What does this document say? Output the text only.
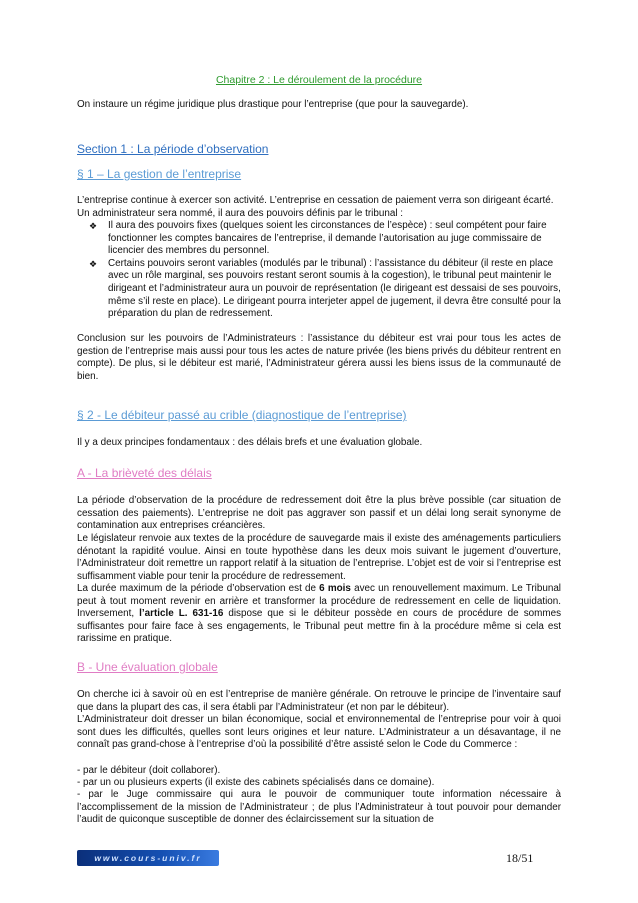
Chapitre 2 : Le déroulement de la procédure
On instaure un régime juridique plus drastique pour l’entreprise (que pour la sauvegarde).
Section 1 : La période d’observation
§ 1 – La gestion de l’entreprise
L’entreprise continue à exercer son activité. L’entreprise en cessation de paiement verra son dirigeant écarté. Un administrateur sera nommé, il aura des pouvoirs définis par le tribunal :
❖ Il aura des pouvoirs fixes (quelques soient les circonstances de l’espèce) : seul compétent pour faire fonctionner les comptes bancaires de l’entreprise, il demande l’autorisation au juge commissaire de licencier des membres du personnel.
❖ Certains pouvoirs seront variables (modulés par le tribunal) : l’assistance du débiteur (il reste en place avec un rôle marginal, ses pouvoirs restant seront soumis à la cogestion), le tribunal peut maintenir le dirigeant et l’administrateur aura un pouvoir de représentation (le dirigeant est dessaisi de ses pouvoirs, même s’il reste en place). Le dirigeant pourra interjeter appel de jugement, il devra être consulté pour la préparation du plan de redressement.
Conclusion sur les pouvoirs de l’Administrateurs : l’assistance du débiteur est vrai pour tous les actes de gestion de l’entreprise mais aussi pour tous les actes de nature privée (les biens privés du débiteur rentrent en compte). De plus, si le débiteur est marié, l’Administrateur gérera aussi les biens issus de la communauté de bien.
§ 2 - Le débiteur passé au crible (diagnostique de l’entreprise)
Il y a deux principes fondamentaux : des délais brefs et une évaluation globale.
A - La brièveté des délais
La période d’observation de la procédure de redressement doit être la plus brève possible (car situation de cessation des paiements). L’entreprise ne doit pas aggraver son passif et un délai long serait synonyme de contamination aux entreprises créancières.
Le législateur renvoie aux textes de la procédure de sauvegarde mais il existe des aménagements particuliers dénotant la rapidité voulue. Ainsi en toute hypothèse dans les deux mois suivant le jugement d’ouverture, l’Administrateur doit remettre un rapport relatif à la situation de l’entreprise. L’objet est de voir si l’entreprise est suffisamment viable pour tenir la procédure de redressement.
La durée maximum de la période d’observation est de 6 mois avec un renouvellement maximum. Le Tribunal peut à tout moment revenir en arrière et transformer la procédure de redressement en celle de liquidation. Inversement, l’article L. 631-16 dispose que si le débiteur possède en cours de procédure de sommes suffisantes pour faire face à ses engagements, le Tribunal peut mettre fin à la procédure même si cela est rarissime en pratique.
B - Une évaluation globale
On cherche ici à savoir où en est l’entreprise de manière générale. On retrouve le principe de l’inventaire sauf que dans la plupart des cas, il sera établi par l’Administrateur (et non par le débiteur).
L’Administrateur doit dresser un bilan économique, social et environnemental de l’entreprise pour voir à quoi sont dues les difficultés, quelles sont leurs origines et leur nature. L’Administrateur a un désavantage, il ne connaît pas grand-chose à l’entreprise d’où la possibilité d’être assisté selon le Code du Commerce :
- par le débiteur (doit collaborer).
- par un ou plusieurs experts (il existe des cabinets spécialisés dans ce domaine).
- par le Juge commissaire qui aura le pouvoir de communiquer toute information nécessaire à l’accomplissement de la mission de l’Administrateur ; de plus l’Administrateur à tout pouvoir pour demander l’audit de quiconque susceptible de donner des éclaircissement sur la situation de
www.cours-univ.fr	18/51
